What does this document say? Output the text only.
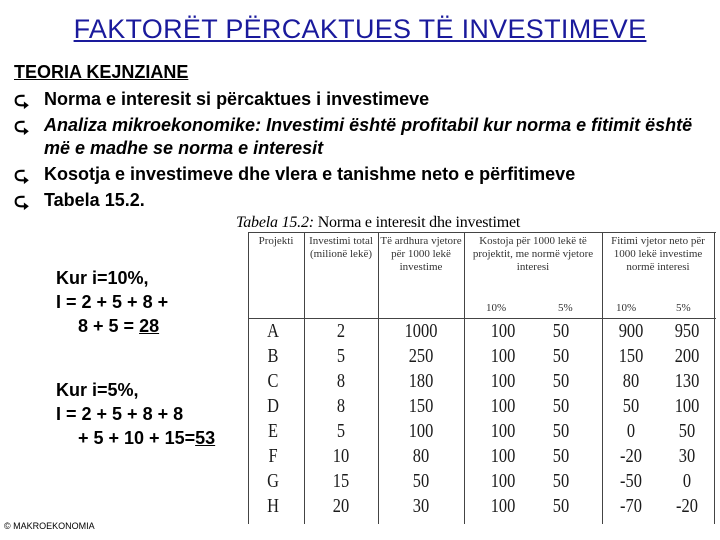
FAKTORËT PËRCAKTUES TË INVESTIMEVE
TEORIA KEJNZIANE
⮎ Norma e interesit si përcaktues i investimeve
⮎ Analiza mikroekonomike: Investimi është profitabil kur norma e fitimit është më e madhe se norma e interesit
⮎ Kosotja e investimeve dhe vlera e tanishme neto e përfitimeve
⮎ Tabela 15.2.
Kur i=10%,
I = 2 + 5 + 8 +
8 + 5 = 28
Kur i=5%,
I = 2 + 5 + 8 + 8
+ 5 + 10 + 15=53
© MAKROEKONOMIA
Tabela 15.2: Norma e interesit dhe investimet
Projekti	Investimi total (milionë lekë)
Të ardhura vjetore për 1000 lekë investime
Kostoja për 1000 lekë të projektit, me normë vjetore interesi
Fitimi vjetor neto për 1000 lekë investime normë interesi
10%	5%	10%	5%
A	2	1000	100	50	900	950
B	5	250	100	50	150	200
C	8	180	100	50	80	130
D	8	150	100	50	50	100
E	5	100	100	50	0	50
F	10	80	100	50	-20	30
G	15	50	100	50	-50	0
H	20	30	100	50	-70	-20
